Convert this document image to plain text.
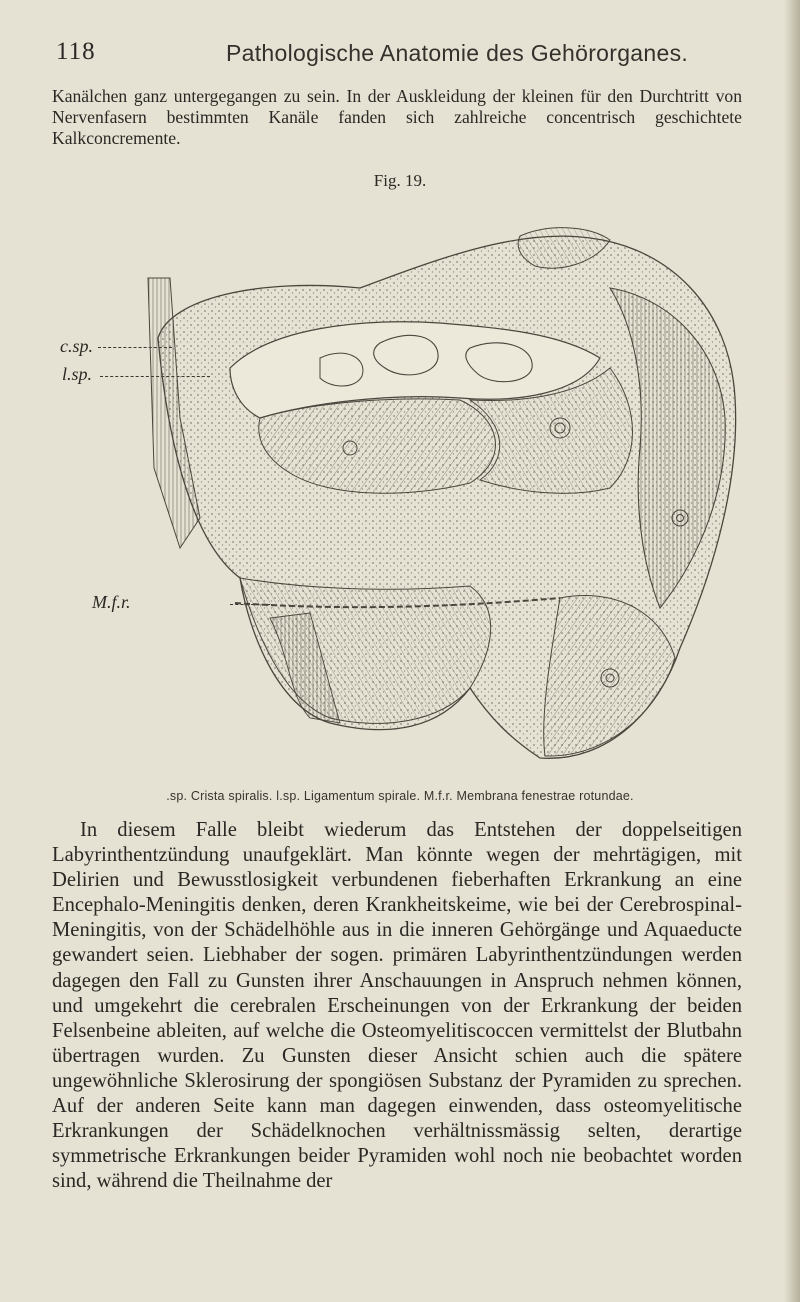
118	Pathologische Anatomie des Gehörorganes.

Kanälchen ganz untergegangen zu sein. In der Auskleidung der kleinen für den Durchtritt von Nervenfasern bestimmten Kanäle fanden sich zahlreiche concentrisch geschichtete Kalkconcremente.

Fig. 19.
c.sp.
l.sp.
M.f.r.
.sp. Crista spiralis. l.sp. Ligamentum spirale. M.f.r. Membrana fenestrae rotundae.

In diesem Falle bleibt wiederum das Entstehen der doppelseitigen Labyrinthentzündung unaufgeklärt. Man könnte wegen der mehrtägigen, mit Delirien und Bewusstlosigkeit verbundenen fieberhaften Erkrankung an eine Encephalo-Meningitis denken, deren Krankheitskeime, wie bei der Cerebrospinal-Meningitis, von der Schädelhöhle aus in die inneren Gehörgänge und Aquaeducte gewandert seien. Liebhaber der sogen. primären Labyrinthentzündungen werden dagegen den Fall zu Gunsten ihrer Anschauungen in Anspruch nehmen können, und umgekehrt die cerebralen Erscheinungen von der Erkrankung der beiden Felsenbeine ableiten, auf welche die Osteomyelitiscoccen vermittelst der Blutbahn übertragen wurden. Zu Gunsten dieser Ansicht schien auch die spätere ungewöhnliche Sklerosirung der spongiösen Substanz der Pyramiden zu sprechen. Auf der anderen Seite kann man dagegen einwenden, dass osteomyelitische Erkrankungen der Schädelknochen verhältnissmässig selten, derartige symmetrische Erkrankungen beider Pyramiden wohl noch nie beobachtet worden sind, während die Theilnahme der
